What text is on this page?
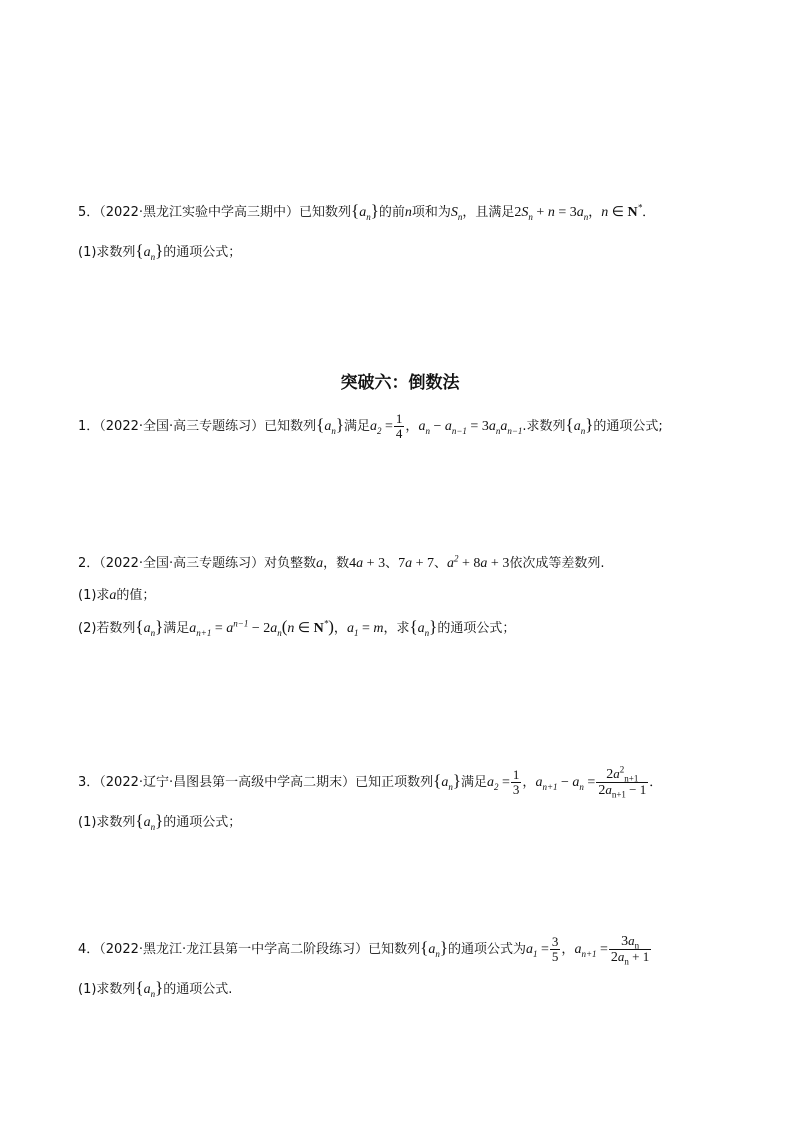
5．（2022·黑龙江实验中学高三期中）已知数列$\{a_n\}$的前n项和为$S_n$，且满足$2S_n + n = 3a_n$，n ∈ N*．
(1)求数列$\{a_n\}$的通项公式；
突破六：倒数法
1．（2022·全国·高三专题练习）已知数列$\{a_n\}$满足$a_2 = \frac{1}{4}$ ，$a_n - a_{n-1} = 3a_na_{n-1}$.求数列$\{a_n\}$的通项公式;
2．（2022·全国·高三专题练习）对负整数a，数4a + 3、7a + 7、$a^2 + 8a + 3$依次成等差数列.
(1)求a的值；
(2)若数列$\{a_n\}$满足$a_{n+1} = a^{n-1} - 2a_n(n$ ∈ N*)，$a_1 = m$，求$\{a_n\}$的通项公式；
3．（2022·辽宁·昌图县第一高级中学高二期末）已知正项数列$\{a_n\}$满足$a_2 = \frac{1}{3}$ ，$a_{n+1} - a_n = \frac{2a^2_{n+1}}{2a_{n+1} - 1}$ ．
(1)求数列$\{a_n\}$的通项公式；
4．（2022·黑龙江·龙江县第一中学高二阶段练习）已知数列$\{a_n\}$的通项公式为$a_1 = \frac{3}{5}$ ，$a_{n+1} = \frac{3a_n}{2a_n + 1}$
(1)求数列$\{a_n\}$的通项公式.
